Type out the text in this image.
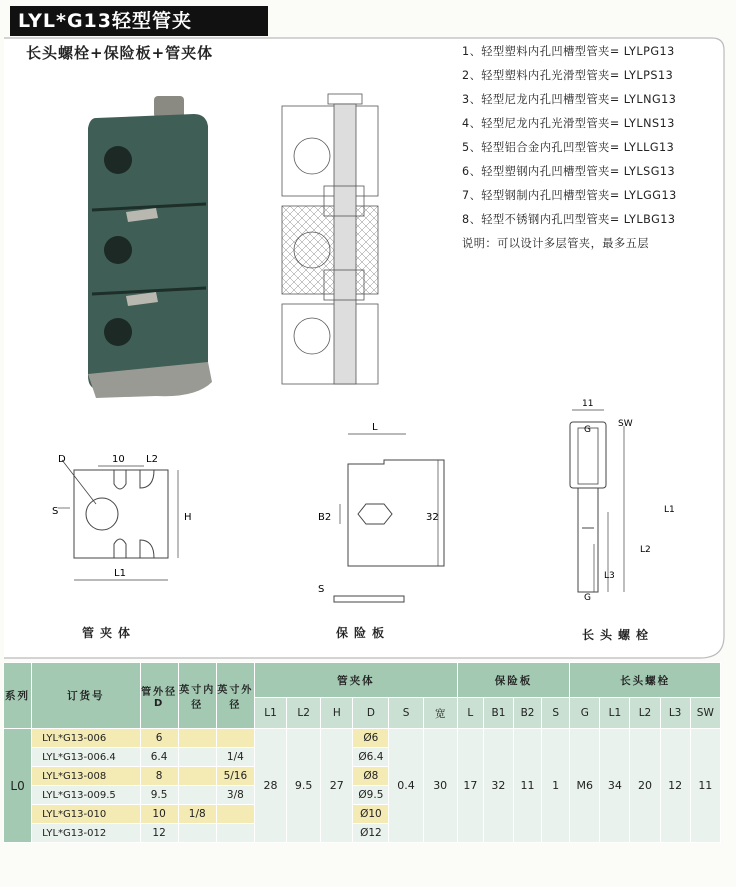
LYL*G13轻型管夹
长头螺栓+保险板+管夹体
D	10 L2
S
H
L1
管夹体
L
B2	32
S
保险板
11
G
SW
L1
L2
L3
G
长头螺栓
1、轻型塑料内孔凹槽型管夹= LYLPG13
2、轻型塑料内孔光滑型管夹= LYLPS13
3、轻型尼龙内孔凹槽型管夹= LYLNG13
4、轻型尼龙内孔光滑型管夹= LYLNS13
5、轻型铝合金内孔凹型管夹= LYLLG13
6、轻型塑钢内孔凹槽型管夹= LYLSG13
7、轻型钢制内孔凹槽型管夹= LYLGG13
8、轻型不锈钢内孔凹型管夹= LYLBG13
说明：可以设计多层管夹，最多五层
系列	订货号	管外径D	英寸内径	英寸外径	管夹体						保险板				长头螺栓				
					L1	L2	H	D	S	宽	L	B1	B2	S	G	L1	L2	L3	SW
L0	LYL*G13-006	6			28	9.5	27	Ø6	0.4	30	17	32	11	1	M6	34	20	12	11
	LYL*G13-006.4	6.4		1/4				Ø6.4											
	LYL*G13-008	8		5/16				Ø8											
	LYL*G13-009.5	9.5		3/8				Ø9.5											
	LYL*G13-010	10	1/8					Ø10											
	LYL*G13-012	12						Ø12											
